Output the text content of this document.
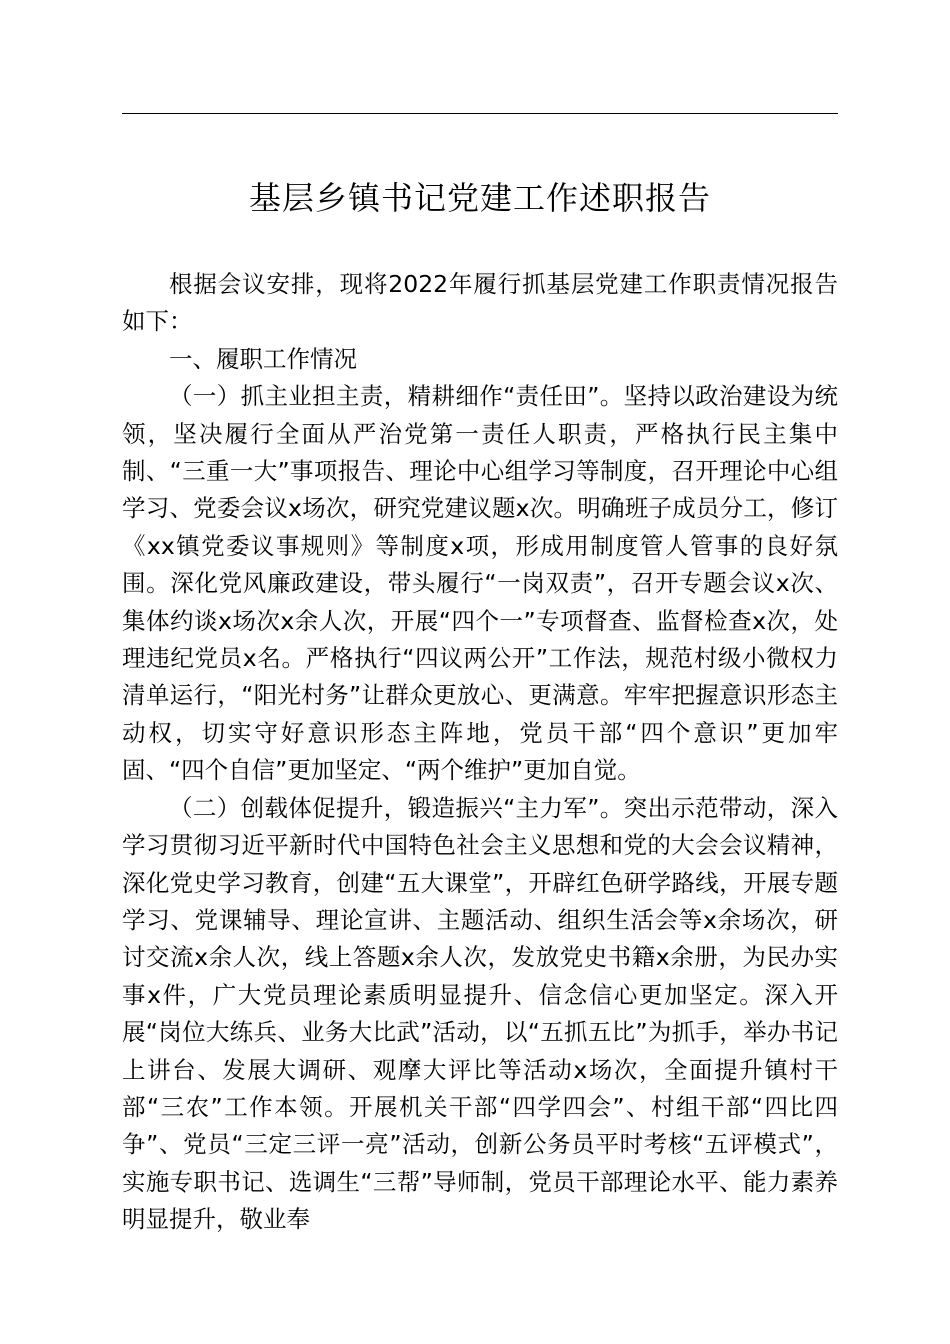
基层乡镇书记党建工作述职报告

根据会议安排，现将2022年履行抓基层党建工作职责情况报告如下：

一、履职工作情况

（一）抓主业担主责，精耕细作“责任田”。坚持以政治建设为统领，坚决履行全面从严治党第一责任人职责，严格执行民主集中制、“三重一大”事项报告、理论中心组学习等制度，召开理论中心组学习、党委会议x场次，研究党建议题x次。明确班子成员分工，修订《xx镇党委议事规则》等制度x项，形成用制度管人管事的良好氛围。深化党风廉政建设，带头履行“一岗双责”，召开专题会议x次、集体约谈x场次x余人次，开展“四个一”专项督查、监督检查x次，处理违纪党员x名。严格执行“四议两公开”工作法，规范村级小微权力清单运行，“阳光村务”让群众更放心、更满意。牢牢把握意识形态主动权，切实守好意识形态主阵地，党员干部“四个意识”更加牢固、“四个自信”更加坚定、“两个维护”更加自觉。

（二）创载体促提升，锻造振兴“主力军”。突出示范带动，深入学习贯彻习近平新时代中国特色社会主义思想和党的大会会议精神，深化党史学习教育，创建“五大课堂”，开辟红色研学路线，开展专题学习、党课辅导、理论宣讲、主题活动、组织生活会等x余场次，研讨交流x余人次，线上答题x余人次，发放党史书籍x余册，为民办实事x件，广大党员理论素质明显提升、信念信心更加坚定。深入开展“岗位大练兵、业务大比武”活动，以“五抓五比”为抓手，举办书记上讲台、发展大调研、观摩大评比等活动x场次，全面提升镇村干部“三农”工作本领。开展机关干部“四学四会”、村组干部“四比四争”、党员“三定三评一亮”活动，创新公务员平时考核“五评模式”，实施专职书记、选调生“三帮”导师制，党员干部理论水平、能力素养明显提升，敬业奉
